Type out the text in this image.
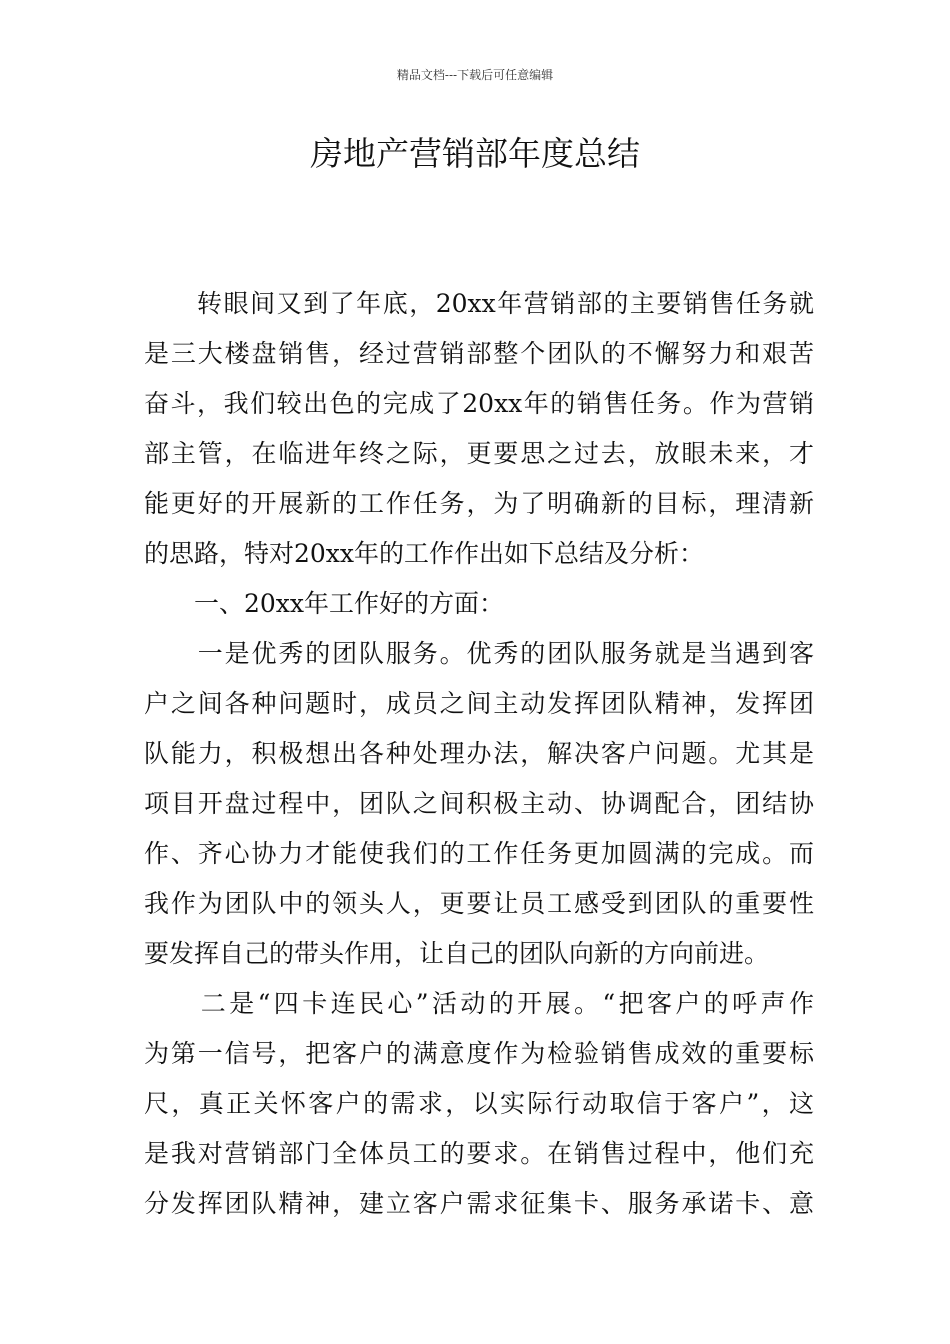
精品文档---下载后可任意编辑
房地产营销部年度总结
　　转眼间又到了年底，20xx年营销部的主要销售任务就
是三大楼盘销售，经过营销部整个团队的不懈努力和艰苦
奋斗，我们较出色的完成了20xx年的销售任务。作为营销
部主管，在临进年终之际，更要思之过去，放眼未来，才
能更好的开展新的工作任务，为了明确新的目标，理清新
的思路，特对20xx年的工作作出如下总结及分析：
　　一、20xx年工作好的方面：
　　一是优秀的团队服务。优秀的团队服务就是当遇到客
户之间各种问题时，成员之间主动发挥团队精神，发挥团
队能力，积极想出各种处理办法，解决客户问题。尤其是
项目开盘过程中，团队之间积极主动、协调配合，团结协
作、齐心协力才能使我们的工作任务更加圆满的完成。而
我作为团队中的领头人，更要让员工感受到团队的重要性
要发挥自己的带头作用，让自己的团队向新的方向前进。
　　二是“四卡连民心”活动的开展。“把客户的呼声作
为第一信号，把客户的满意度作为检验销售成效的重要标
尺，真正关怀客户的需求，以实际行动取信于客户”，这
是我对营销部门全体员工的要求。在销售过程中，他们充
分发挥团队精神，建立客户需求征集卡、服务承诺卡、意
